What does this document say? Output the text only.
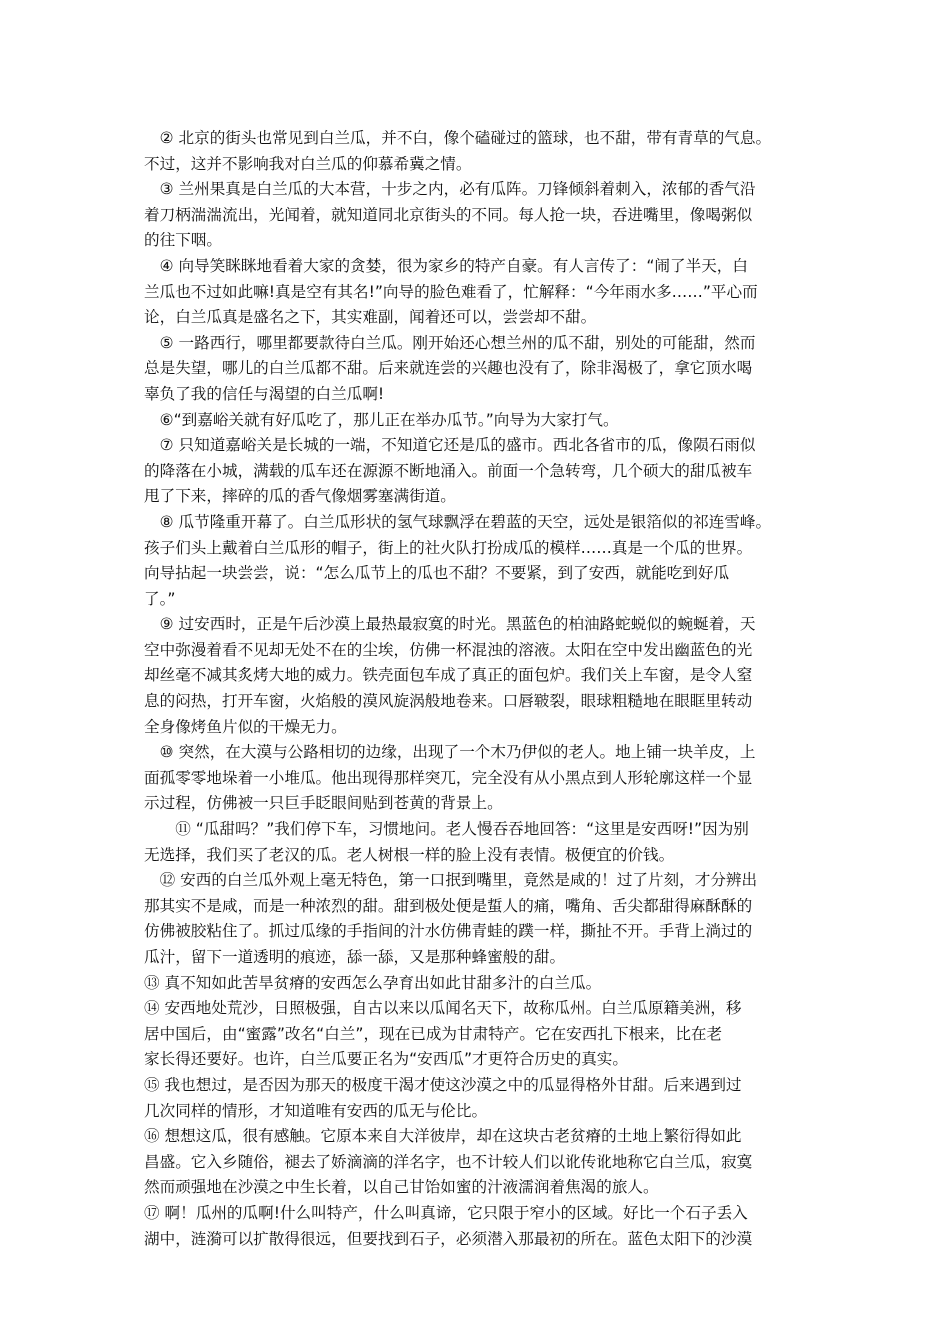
　② 北京的街头也常见到白兰瓜，并不白，像个磕碰过的篮球，也不甜，带有青草的气息。
不过，这并不影响我对白兰瓜的仰慕希冀之情。

　③ 兰州果真是白兰瓜的大本营，十步之内，必有瓜阵。刀锋倾斜着刺入，浓郁的香气沿
着刀柄湍湍流出，光闻着，就知道同北京街头的不同。每人抢一块，吞进嘴里，像喝粥似
的往下咽。

　④ 向导笑眯眯地看着大家的贪婪，很为家乡的特产自豪。有人言传了：“闹了半天，白
兰瓜也不过如此嘛!真是空有其名!”向导的脸色难看了，忙解释：“今年雨水多……”平心而
论，白兰瓜真是盛名之下，其实难副，闻着还可以，尝尝却不甜。

　⑤ 一路西行，哪里都要款待白兰瓜。刚开始还心想兰州的瓜不甜，别处的可能甜，然而
总是失望，哪儿的白兰瓜都不甜。后来就连尝的兴趣也没有了，除非渴极了，拿它顶水喝
辜负了我的信任与渴望的白兰瓜啊!

　⑥“到嘉峪关就有好瓜吃了，那儿正在举办瓜节。”向导为大家打气。

　⑦ 只知道嘉峪关是长城的一端，不知道它还是瓜的盛市。西北各省市的瓜，像陨石雨似
的降落在小城，满载的瓜车还在源源不断地涌入。前面一个急转弯，几个硕大的甜瓜被车
甩了下来，摔碎的瓜的香气像烟雾塞满街道。

　⑧ 瓜节隆重开幕了。白兰瓜形状的氢气球飘浮在碧蓝的天空，远处是银箔似的祁连雪峰。
孩子们头上戴着白兰瓜形的帽子，街上的社火队打扮成瓜的模样……真是一个瓜的世界。
向导拈起一块尝尝，说：“怎么瓜节上的瓜也不甜？不要紧，到了安西，就能吃到好瓜
了。”

　⑨ 过安西时，正是午后沙漠上最热最寂寞的时光。黑蓝色的柏油路蛇蜕似的蜿蜒着，天
空中弥漫着看不见却无处不在的尘埃，仿佛一杯混浊的溶液。太阳在空中发出幽蓝色的光
却丝毫不减其炙烤大地的威力。铁壳面包车成了真正的面包炉。我们关上车窗，是令人窒
息的闷热，打开车窗，火焰般的漠风旋涡般地卷来。口唇皲裂，眼球粗糙地在眼眶里转动
全身像烤鱼片似的干燥无力。

　⑩ 突然，在大漠与公路相切的边缘，出现了一个木乃伊似的老人。地上铺一块羊皮，上
面孤零零地垛着一小堆瓜。他出现得那样突兀，完全没有从小黑点到人形轮廓这样一个显
示过程，仿佛被一只巨手眨眼间贴到苍黄的背景上。

　　⑪ “瓜甜吗？”我们停下车，习惯地问。老人慢吞吞地回答：“这里是安西呀!”因为别
无选择，我们买了老汉的瓜。老人树根一样的脸上没有表情。极便宜的价钱。

　⑫ 安西的白兰瓜外观上毫无特色，第一口抿到嘴里，竟然是咸的！过了片刻，才分辨出
那其实不是咸，而是一种浓烈的甜。甜到极处便是蜇人的痛，嘴角、舌尖都甜得麻酥酥的
仿佛被胶粘住了。抓过瓜缘的手指间的汁水仿佛青蛙的蹼一样，撕扯不开。手背上淌过的
瓜汁，留下一道透明的痕迹，舔一舔，又是那种蜂蜜般的甜。

⑬ 真不知如此苦旱贫瘠的安西怎么孕育出如此甘甜多汁的白兰瓜。

⑭ 安西地处荒沙，日照极强，自古以来以瓜闻名天下，故称瓜州。白兰瓜原籍美洲，移
居中国后，由“蜜露”改名“白兰”，现在已成为甘肃特产。它在安西扎下根来，比在老
家长得还要好。也许，白兰瓜要正名为“安西瓜”才更符合历史的真实。

⑮ 我也想过，是否因为那天的极度干渴才使这沙漠之中的瓜显得格外甘甜。后来遇到过
几次同样的情形，才知道唯有安西的瓜无与伦比。

⑯ 想想这瓜，很有感触。它原本来自大洋彼岸，却在这块古老贫瘠的土地上繁衍得如此
昌盛。它入乡随俗，褪去了娇滴滴的洋名字，也不计较人们以讹传讹地称它白兰瓜，寂寞
然而顽强地在沙漠之中生长着，以自己甘饴如蜜的汁液濡润着焦渴的旅人。

⑰ 啊！瓜州的瓜啊!什么叫特产，什么叫真谛，它只限于窄小的区域。好比一个石子丢入
湖中，涟漪可以扩散得很远，但要找到石子，必须潜入那最初的所在。蓝色太阳下的沙漠
